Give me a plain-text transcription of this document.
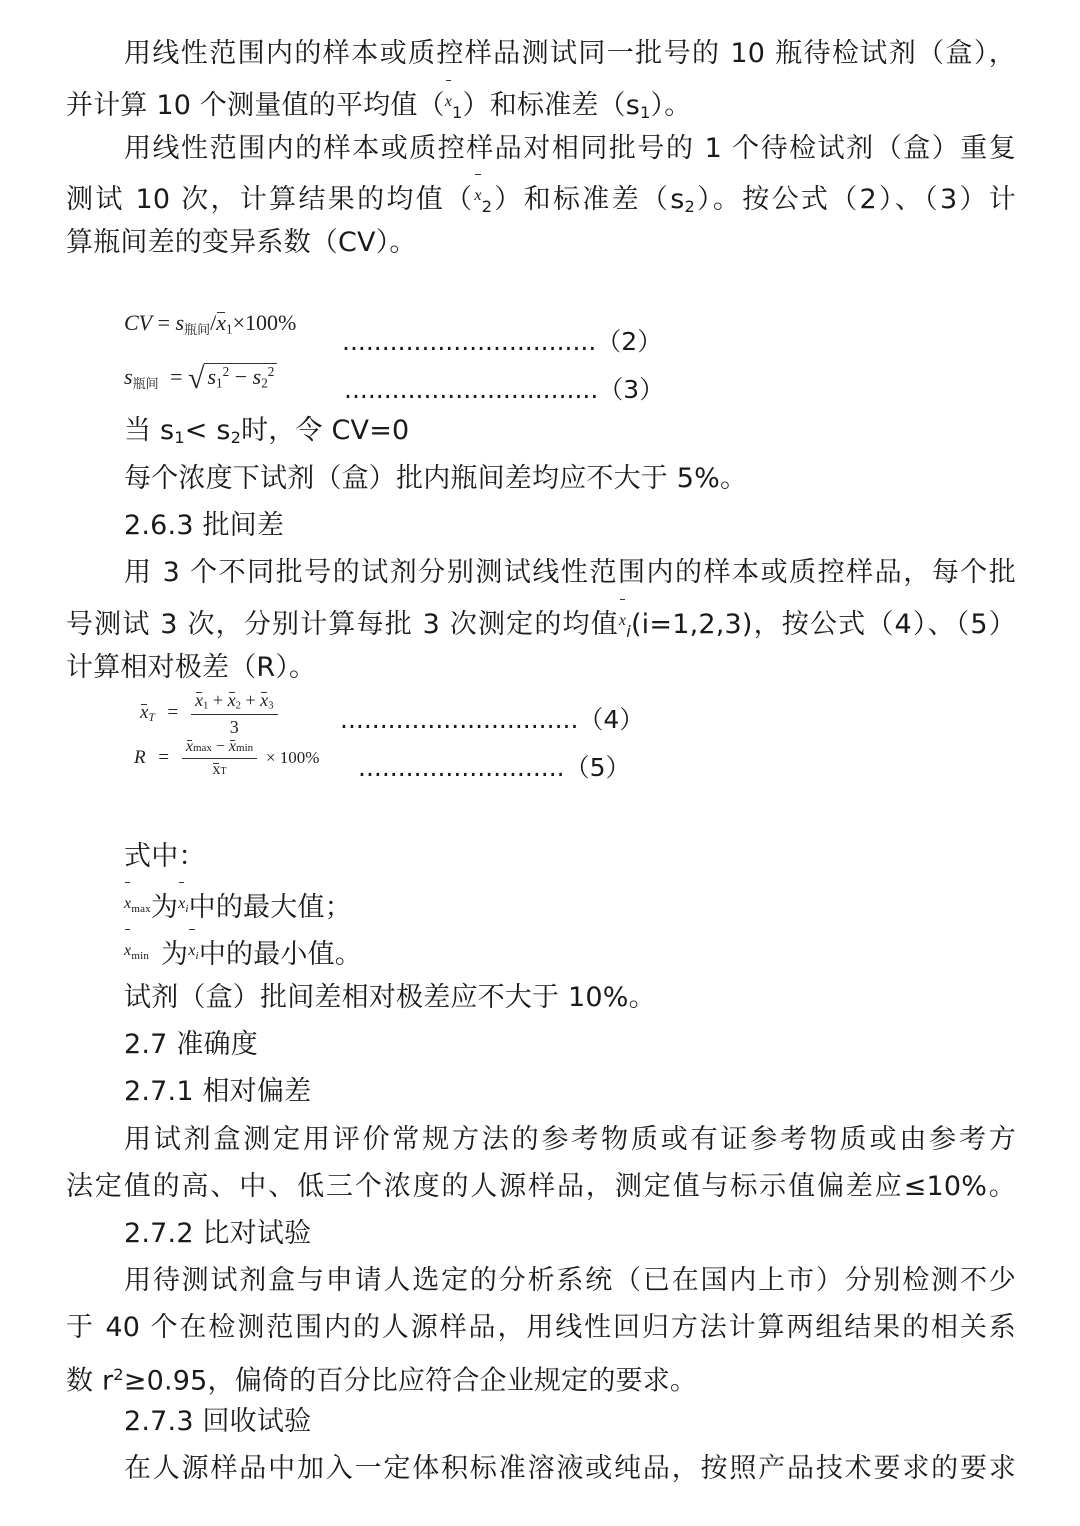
用线性范围内的样本或质控样品测试同一批号的 10 瓶待检试剂（盒），
并计算 10 个测量值的平均值$(x_1)$和标准差$(s_1)$。
用线性范围内的样本或质控样品对相同批号的 1 个待检试剂（盒）重复
测试 10 次，计算结果的均值$(x_2)$和标准差$(s_2)$。按公式（2）、（3）计
算瓶间差的变异系数（CV）。
CV = s瓶间$/x_1\times 100\%$
................................（2）
s瓶间 = √ $s_1^2 - s_2^2$
................................（3）
当 $s_1< s_2$时，令 CV=0
每个浓度下试剂（盒）批内瓶间差均应不大于 5%。
2.6.3 批间差
用 3 个不同批号的试剂分别测试线性范围内的样本或质控样品，每个批
号测试 3 次，分别计算每批 3 次测定的均值$x_i(i=1,2,3)$，按公式（4）、（5）
计算相对极差（R）。
$x_T = \frac{x_1 + x_2 + x_3}{3} ..............................(4)$
$R = \frac{xmax - xmin}{xT} \times 100\%$ ..........................（5）
式中：
xmax为xi中的最大值；
xmin 为xi中的最小值。
试剂（盒）批间差相对极差应不大于 10%。
2.7 准确度
2.7.1 相对偏差
用试剂盒测定用评价常规方法的参考物质或有证参考物质或由参考方
法定值的高、中、低三个浓度的人源样品，测定值与标示值偏差应≤10%。
2.7.2 比对试验
用待测试剂盒与申请人选定的分析系统（已在国内上市）分别检测不少
于 40 个在检测范围内的人源样品，用线性回归方法计算两组结果的相关系
数 $r^2\ge 0.95$，偏倚的百分比应符合企业规定的要求。
2.7.3 回收试验
在人源样品中加入一定体积标准溶液或纯品，按照产品技术要求的要求
